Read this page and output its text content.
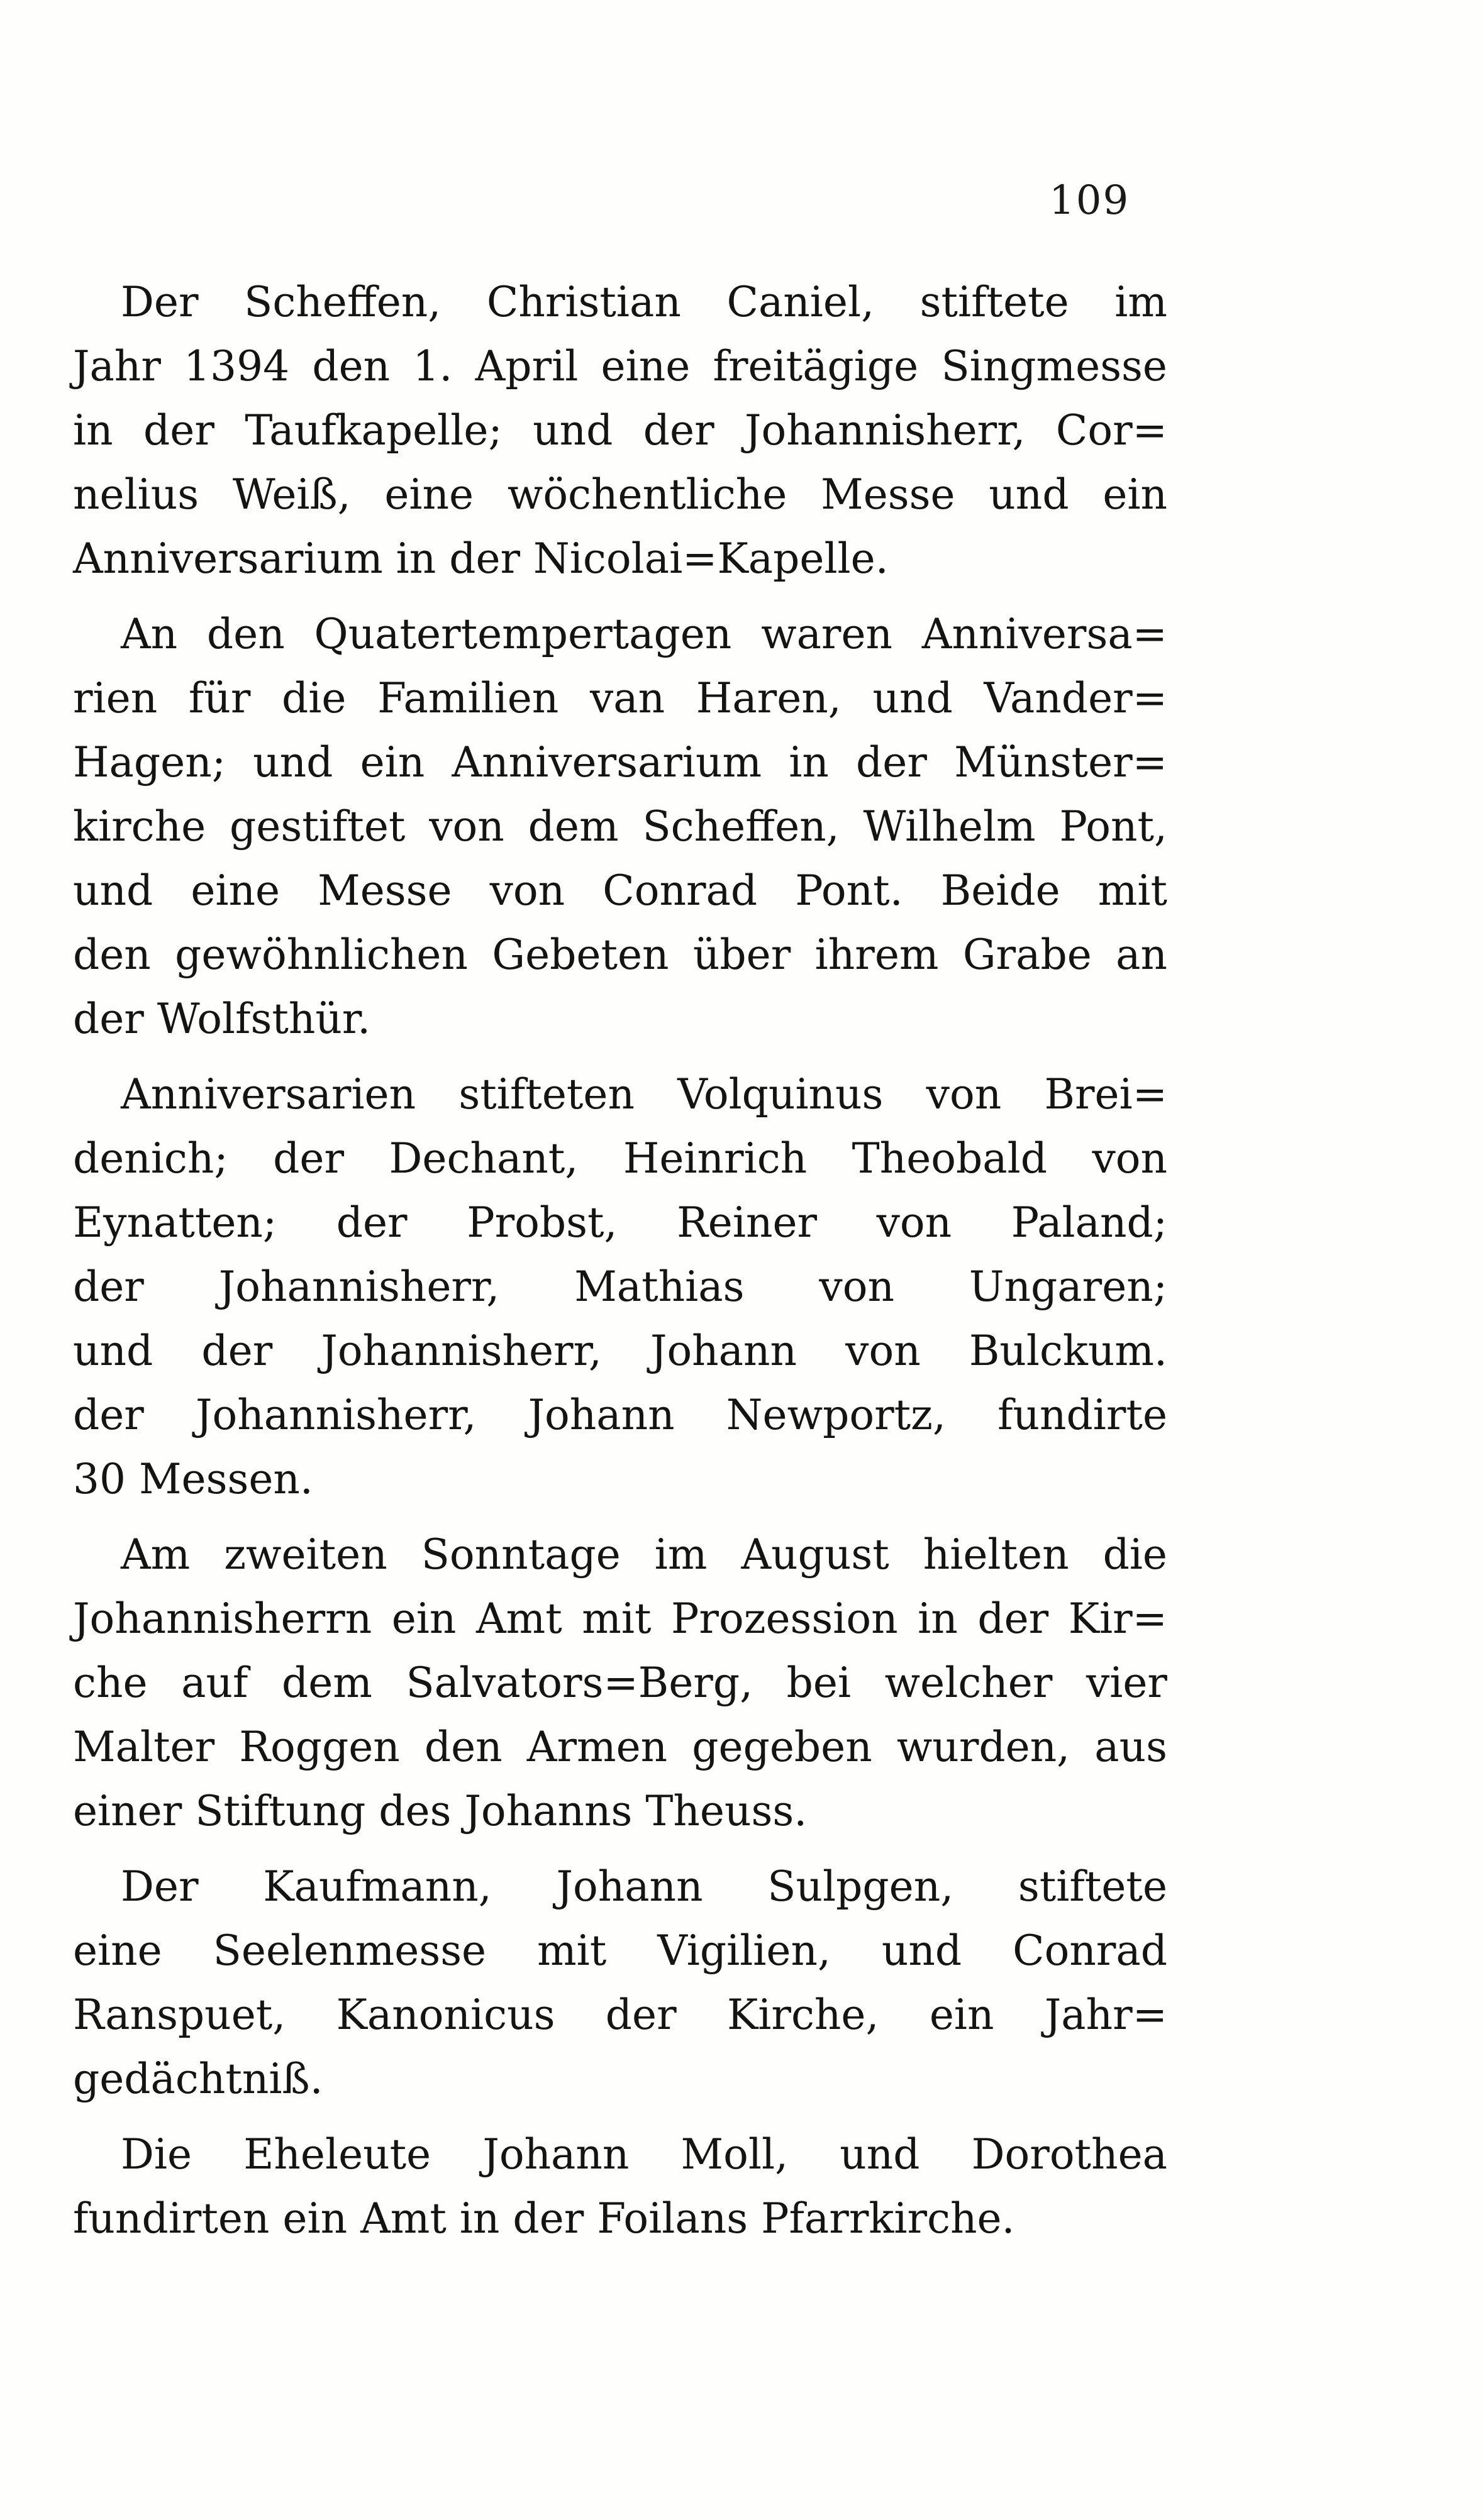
109
Der Scheffen, Christian Caniel, stiftete im
Jahr 1394 den 1. April eine freitägige Singmesse
in der Taufkapelle; und der Johannisherr, Cor=
nelius Weiß, eine wöchentliche Messe und ein
Anniversarium in der Nicolai=Kapelle.
An den Quatertempertagen waren Anniversa=
rien für die Familien van Haren, und Vander=
Hagen; und ein Anniversarium in der Münster=
kirche gestiftet von dem Scheffen, Wilhelm Pont,
und eine Messe von Conrad Pont. Beide mit
den gewöhnlichen Gebeten über ihrem Grabe an
der Wolfsthür.
Anniversarien stifteten Volquinus von Brei=
denich; der Dechant, Heinrich Theobald von
Eynatten; der Probst, Reiner von Paland;
der Johannisherr, Mathias von Ungaren;
und der Johannisherr, Johann von Bulckum.
der Johannisherr, Johann Newportz, fundirte
30 Messen.
Am zweiten Sonntage im August hielten die
Johannisherrn ein Amt mit Prozession in der Kir=
che auf dem Salvators=Berg, bei welcher vier
Malter Roggen den Armen gegeben wurden, aus
einer Stiftung des Johanns Theuss.
Der Kaufmann, Johann Sulpgen, stiftete
eine Seelenmesse mit Vigilien, und Conrad
Ranspuet, Kanonicus der Kirche, ein Jahr=
gedächtniß.
Die Eheleute Johann Moll, und Dorothea
fundirten ein Amt in der Foilans Pfarrkirche.
